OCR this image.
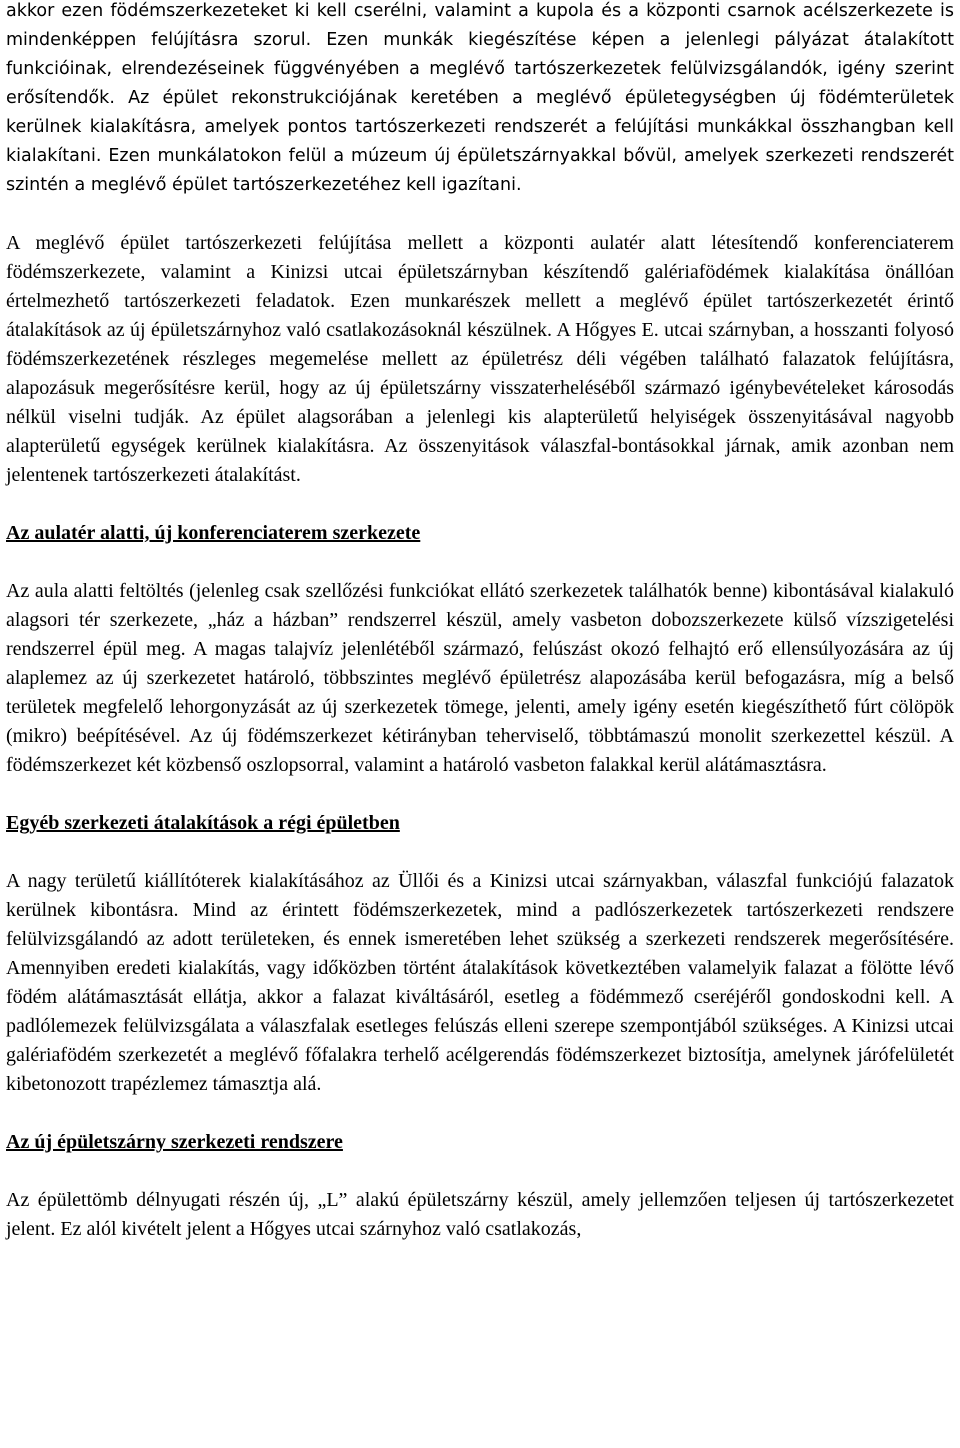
akkor ezen födémszerkezeteket ki kell cserélni, valamint a kupola és a központi csarnok acélszerkezete is mindenképpen felújításra szorul. Ezen munkák kiegészítése képen a jelenlegi pályázat átalakított funkcióinak, elrendezéseinek függvényében a meglévő tartószerkezetek felülvizsgálandók, igény szerint erősítendők. Az épület rekonstrukciójának keretében a meglévő épületegységben új födémterületek kerülnek kialakításra, amelyek pontos tartószerkezeti rendszerét a felújítási munkákkal összhangban kell kialakítani. Ezen munkálatokon felül a múzeum új épületszárnyakkal bővül, amelyek szerkezeti rendszerét szintén a meglévő épület tartószerkezetéhez kell igazítani.

A meglévő épület tartószerkezeti felújítása mellett a központi aulatér alatt létesítendő konferenciaterem födémszerkezete, valamint a Kinizsi utcai épületszárnyban készítendő galériafödémek kialakítása önállóan értelmezhető tartószerkezeti feladatok. Ezen munkarészek mellett a meglévő épület tartószerkezetét érintő átalakítások az új épületszárnyhoz való csatlakozásoknál készülnek. A Hőgyes E. utcai szárnyban, a hosszanti folyosó födémszerkezetének részleges megemelése mellett az épületrész déli végében található falazatok felújításra, alapozásuk megerősítésre kerül, hogy az új épületszárny visszaterheléséből származó igénybevételeket károsodás nélkül viselni tudják. Az épület alagsorában a jelenlegi kis alapterületű helyiségek összenyitásával nagyobb alapterületű egységek kerülnek kialakításra. Az összenyitások válaszfal-bontásokkal járnak, amik azonban nem jelentenek tartószerkezeti átalakítást.

Az aulatér alatti, új konferenciaterem szerkezete

Az aula alatti feltöltés (jelenleg csak szellőzési funkciókat ellátó szerkezetek találhatók benne) kibontásával kialakuló alagsori tér szerkezete, „ház a házban” rendszerrel készül, amely vasbeton dobozszerkezete külső vízszigetelési rendszerrel épül meg. A magas talajvíz jelenlétéből származó, felúszást okozó felhajtó erő ellensúlyozására az új alaplemez az új szerkezetet határoló, többszintes meglévő épületrész alapozásába kerül befogazásra, míg a belső területek megfelelő lehorgonyzását az új szerkezetek tömege, jelenti, amely igény esetén kiegészíthető fúrt cölöpök (mikro) beépítésével. Az új födémszerkezet kétirányban teherviselő, többtámaszú monolit szerkezettel készül. A födémszerkezet két közbenső oszlopsorral, valamint a határoló vasbeton falakkal kerül alátámasztásra.

Egyéb szerkezeti átalakítások a régi épületben

A nagy területű kiállítóterek kialakításához az Üllői és a Kinizsi utcai szárnyakban, válaszfal funkciójú falazatok kerülnek kibontásra. Mind az érintett födémszerkezetek, mind a padlószerkezetek tartószerkezeti rendszere felülvizsgálandó az adott területeken, és ennek ismeretében lehet szükség a szerkezeti rendszerek megerősítésére. Amennyiben eredeti kialakítás, vagy időközben történt átalakítások következtében valamelyik falazat a fölötte lévő födém alátámasztását ellátja, akkor a falazat kiváltásáról, esetleg a födémmező cseréjéről gondoskodni kell. A padlólemezek felülvizsgálata a válaszfalak esetleges felúszás elleni szerepe szempontjából szükséges. A Kinizsi utcai galériafödém szerkezetét a meglévő főfalakra terhelő acélgerendás födémszerkezet biztosítja, amelynek járófelületét kibetonozott trapézlemez támasztja alá.

Az új épületszárny szerkezeti rendszere

Az épülettömb délnyugati részén új, „L” alakú épületszárny készül, amely jellemzően teljesen új tartószerkezetet jelent. Ez alól kivételt jelent a Hőgyes utcai szárnyhoz való csatlakozás,
